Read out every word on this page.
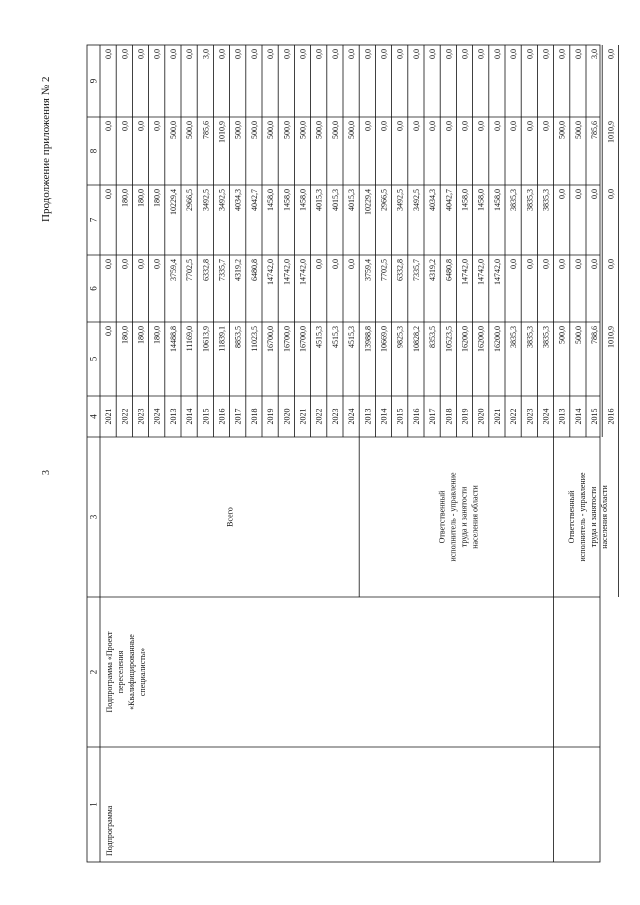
3
Продолжение приложения № 2
1
2
3
4
5
6
7
8
9
2021
0,0
0,0
0,0
0,0
0,0
2022
180,0
0,0
180,0
0,0
0,0
2023
180,0
0,0
180,0
0,0
0,0
2024
180,0
0,0
180,0
0,0
0,0
2013
14488,8
3759,4
10229,4
500,0
0,0
2014
11169,0
7702,5
2966,5
500,0
0,0
2015
10613,9
6332,8
3492,5
785,6
3,0
2016
11839,1
7335,7
3492,5
1010,9
0,0
2017
8853,5
4319,2
4034,3
500,0
0,0
2018
11023,5
6480,8
4042,7
500,0
0,0
2019
16700,0
14742,0
1458,0
500,0
0,0
2020
16700,0
14742,0
1458,0
500,0
0,0
2021
16700,0
14742,0
1458,0
500,0
0,0
2022
4515,3
0,0
4015,3
500,0
0,0
2023
4515,3
0,0
4015,3
500,0
0,0
2024
4515,3
0,0
4015,3
500,0
0,0
Всего
2013
13988,8
3759,4
10229,4
0,0
0,0
2014
10669,0
7702,5
2966,5
0,0
0,0
2015
9825,3
6332,8
3492,5
0,0
0,0
2016
10828,2
7335,7
3492,5
0,0
0,0
2017
8353,5
4319,2
4034,3
0,0
0,0
2018
10523,5
6480,8
4042,7
0,0
0,0
2019
16200,0
14742,0
1458,0
0,0
0,0
2020
16200,0
14742,0
1458,0
0,0
0,0
2021
16200,0
14742,0
1458,0
0,0
0,0
2022
3835,3
0,0
3835,3
0,0
0,0
2023
3835,3
0,0
3835,3
0,0
0,0
2024
3835,3
0,0
3835,3
0,0
0,0
Ответственный исполнитель - управление труда и занятости населения области
2013
500,0
0,0
0,0
500,0
0,0
2014
500,0
0,0
0,0
500,0
0,0
2015
788,6
0,0
0,0
785,6
3,0
2016
1010,9
0,0
0,0
1010,9
0,0
Ответственный исполнитель - управление труда и занятости населения области
Подпрограмма
Подпрограмма «Проект переселения «Квалифицированные специалисты»
